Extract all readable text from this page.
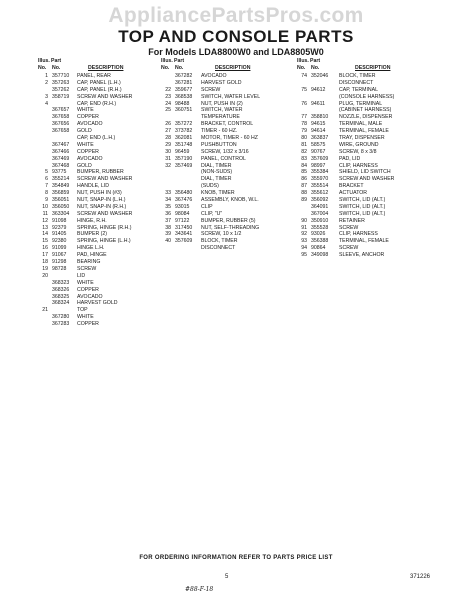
AppliancePartsPros.com
TOP AND CONSOLE PARTS
For Models LDA8800W0 and LDA8805W0
Illus.
No.
Part
No.	DESCRIPTION
1 357710 PANEL, REAR
2 357263 CAP, PANEL (L.H.)
357262 CAP, PANEL (R.H.)
3 358719 SCREW AND WASHER
4	CAP, END (R.H.)
367657 WHITE
367658 COPPER
367656 AVOCADO
367658 GOLD
CAP, END (L.H.)
367467 WHITE
367466 COPPER
367469 AVOCADO
367468 GOLD
5 93775 BUMPER, RUBBER
6 355214 SCREW AND WASHER
7 354849 HANDLE, LID
8 356859 NUT, PUSH IN (#3)
9 356051 NUT, SNAP-IN (L.H.)
10 356050 NUT, SNAP-IN (R.H.)
11 363304 SCREW AND WASHER
12 91098 HINGE, R.H.
13 92379 SPRING, HINGE (R.H.)
14 91405 BUMPER (2)
15 92380 SPRING, HINGE (L.H.)
16 91099 HINGE L.H.
17 91067 PAD, HINGE
18 91298 BEARING
19 98728 SCREW
20	LID
368323 WHITE
368326 COPPER
368325 AVOCADO
368324 HARVEST GOLD
21	TOP
367280 WHITE
367283 COPPER
Illus.
No.
Part
No.	DESCRIPTION
367282 AVOCADO
367281 HARVEST GOLD
22 359677 SCREW
23 368538 SWITCH, WATER LEVEL
24 98488 NUT, PUSH IN (2)
25 360751 SWITCH, WATER
TEMPERATURE
26 357272 BRACKET, CONTROL
27 373782 TIMER - 60 HZ.
28 362081 MOTOR, TIMER - 60 HZ
29 351748 PUSHBUTTON
30 96459 SCREW, 1/32 x 3/16
31 357190 PANEL, CONTROL
32 357469 DIAL, TIMER
(NON-SUDS)
DIAL, TIMER
(SUDS)
33 356480 KNOB, TIMER
34 367476 ASSEMBLY, KNOB, W.L.
35 93015 CLIP
36 98084 CLIP, "U"
37 97122 BUMPER, RUBBER (5)
38 317450 NUT, SELF-THREADING
39 343641 SCREW, 10 x 1/2
40 357609 BLOCK, TIMER
DISCONNECT
Illus.
No.
Part
No.	DESCRIPTION
74 352046 BLOCK, TIMER
DISCONNECT
75 94612	CAP, TERMINAL
(CONSOLE HARNESS)
76 94611	PLUG, TERMINAL
(CABINET HARNESS)
77 358810 NOZZLE, DISPENSER
78 94615	TERMINAL, MALE
79 94614	TERMINAL, FEMALE
80 363837 TRAY, DISPENSER
81 58575	WIRE, GROUND
82 90767	SCREW, 8 x 3/8
83 357609 PAD, LID
84 98997	CLIP, HARNESS
85 355384 SHIELD, LID SWITCH
86 355970 SCREW AND WASHER
87 355514 BRACKET
88 355612 ACTUATOR
89 356092 SWITCH, LID (ALT.)
364091 SWITCH, LID (ALT.)
367004 SWITCH, LID (ALT.)
90 350910 RETAINER
91 355528 SCREW
92 93026	CLIP, HARNESS
93 356388 TERMINAL, FEMALE
94 90864	SCREW
95 349098 SLEEVE, ANCHOR
FOR ORDERING INFORMATION REFER TO PARTS PRICE LIST
5	371226
#88-F-18
